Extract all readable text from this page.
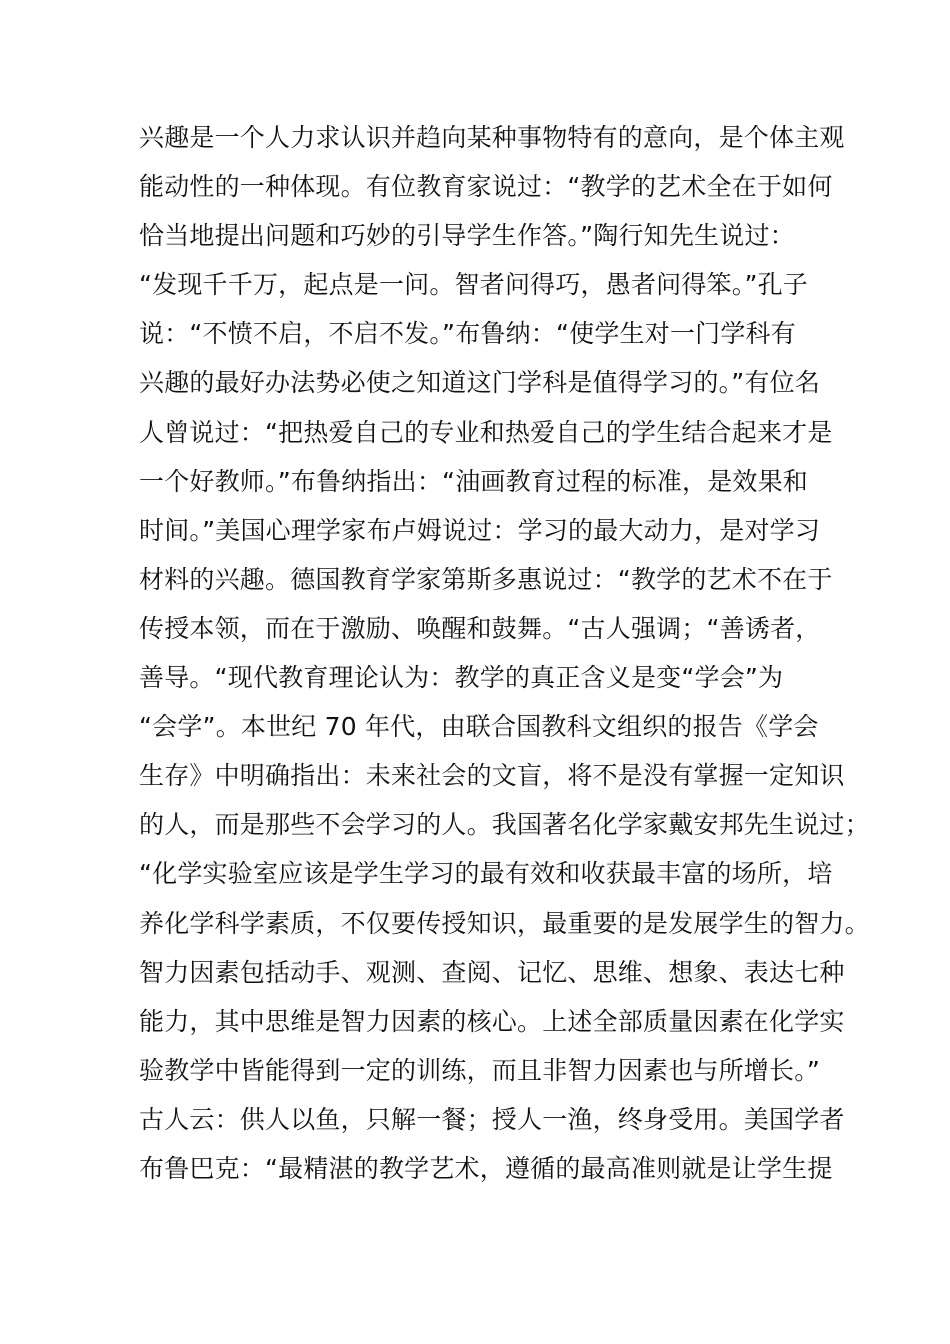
兴趣是一个人力求认识并趋向某种事物特有的意向，是个体主观
能动性的一种体现。有位教育家说过：“教学的艺术全在于如何
恰当地提出问题和巧妙的引导学生作答。”陶行知先生说过：
“发现千千万，起点是一问。智者问得巧，愚者问得笨。”孔子
说：“不愤不启，不启不发。”布鲁纳：“使学生对一门学科有
兴趣的最好办法势必使之知道这门学科是值得学习的。”有位名
人曾说过：“把热爱自己的专业和热爱自己的学生结合起来才是
一个好教师。”布鲁纳指出：“油画教育过程的标准，是效果和
时间。”美国心理学家布卢姆说过：学习的最大动力，是对学习
材料的兴趣。德国教育学家第斯多惠说过：“教学的艺术不在于
传授本领，而在于激励、唤醒和鼓舞。“古人强调；“善诱者，
善导。“现代教育理论认为：教学的真正含义是变“学会”为
“会学”。本世纪 70 年代，由联合国教科文组织的报告《学会
生存》中明确指出：未来社会的文盲，将不是没有掌握一定知识
的人，而是那些不会学习的人。我国著名化学家戴安邦先生说过；
“化学实验室应该是学生学习的最有效和收获最丰富的场所，培
养化学科学素质，不仅要传授知识，最重要的是发展学生的智力。
智力因素包括动手、观测、查阅、记忆、思维、想象、表达七种
能力，其中思维是智力因素的核心。上述全部质量因素在化学实
验教学中皆能得到一定的训练，而且非智力因素也与所增长。”
古人云：供人以鱼，只解一餐；授人一渔，终身受用。美国学者
布鲁巴克：“最精湛的教学艺术，遵循的最高准则就是让学生提
